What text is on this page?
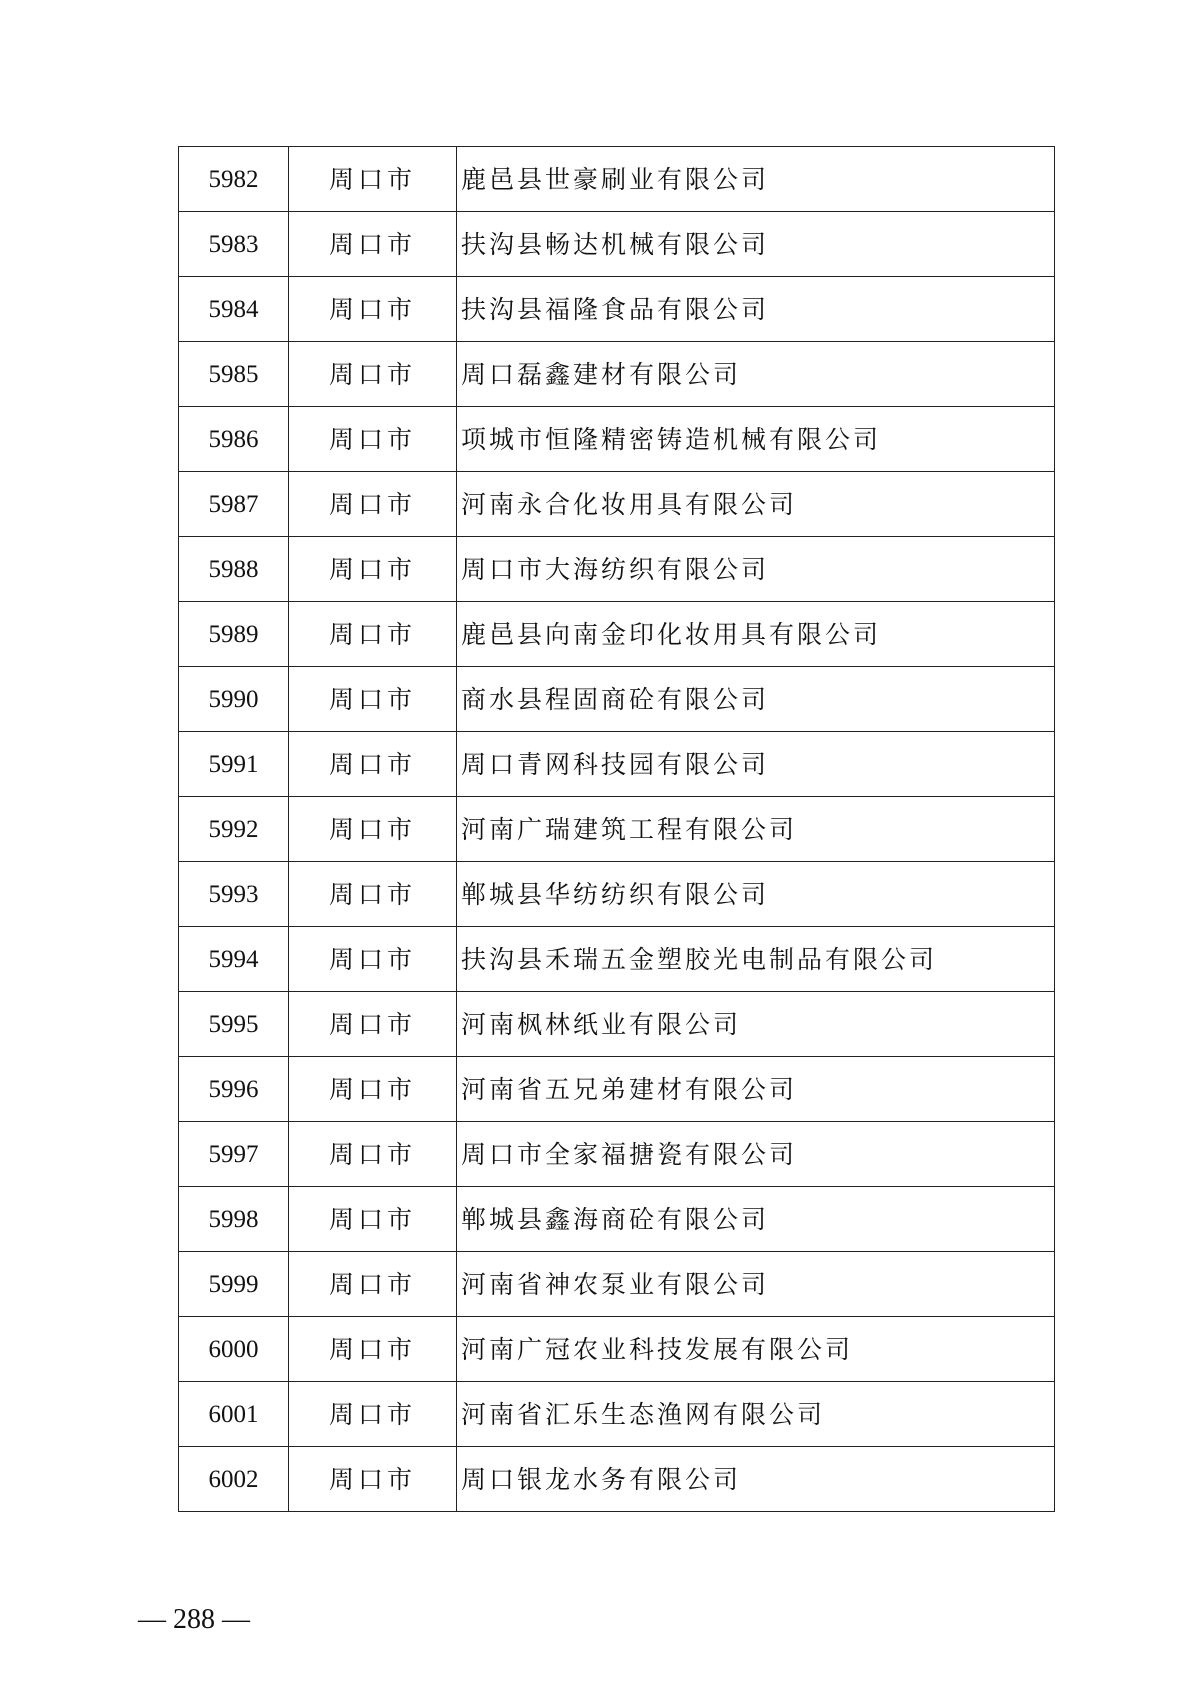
5982	周口市	鹿邑县世豪刷业有限公司
5983	周口市	扶沟县畅达机械有限公司
5984	周口市	扶沟县福隆食品有限公司
5985	周口市	周口磊鑫建材有限公司
5986	周口市	项城市恒隆精密铸造机械有限公司
5987	周口市	河南永合化妆用具有限公司
5988	周口市	周口市大海纺织有限公司
5989	周口市	鹿邑县向南金印化妆用具有限公司
5990	周口市	商水县程固商砼有限公司
5991	周口市	周口青网科技园有限公司
5992	周口市	河南广瑞建筑工程有限公司
5993	周口市	郸城县华纺纺织有限公司
5994	周口市	扶沟县禾瑞五金塑胶光电制品有限公司
5995	周口市	河南枫林纸业有限公司
5996	周口市	河南省五兄弟建材有限公司
5997	周口市	周口市全家福搪瓷有限公司
5998	周口市	郸城县鑫海商砼有限公司
5999	周口市	河南省神农泵业有限公司
6000	周口市	河南广冠农业科技发展有限公司
6001	周口市	河南省汇乐生态渔网有限公司
6002	周口市	周口银龙水务有限公司
— 288 —
